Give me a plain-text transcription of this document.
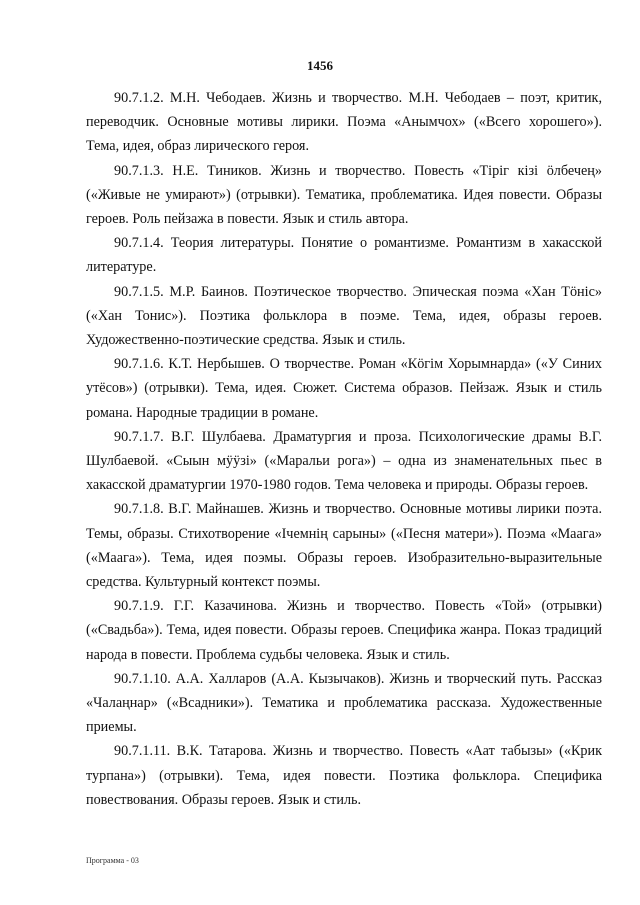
1456

90.7.1.2. М.Н. Чебодаев. Жизнь и творчество. М.Н. Чебодаев – поэт, критик, переводчик. Основные мотивы лирики. Поэма «Анымчох» («Всего хорошего»). Тема, идея, образ лирического героя.

90.7.1.3. Н.Е. Тиников. Жизнь и творчество. Повесть «Тіріг кізі ӧлбечең» («Живые не умирают») (отрывки). Тематика, проблематика. Идея повести. Образы героев. Роль пейзажа в повести. Язык и стиль автора.

90.7.1.4. Теория литературы. Понятие о романтизме. Романтизм в хакасской литературе.

90.7.1.5. М.Р. Баинов. Поэтическое творчество. Эпическая поэма «Хан Тӧніс» («Хан Тонис»). Поэтика фольклора в поэме. Тема, идея, образы героев. Художественно-поэтические средства. Язык и стиль.

90.7.1.6. К.Т. Нербышев. О творчестве. Роман «Кӧгім Хорымнарда» («У Синих утёсов») (отрывки). Тема, идея. Сюжет. Система образов. Пейзаж. Язык и стиль романа. Народные традиции в романе.

90.7.1.7. В.Г. Шулбаева. Драматургия и проза. Психологические драмы В.Г. Шулбаевой. «Сыын мӱӱзі» («Маральи рога») – одна из знаменательных пьес в хакасской драматургии 1970-1980 годов. Тема человека и природы. Образы героев.

90.7.1.8. В.Г. Майнашев. Жизнь и творчество. Основные мотивы лирики поэта. Темы, образы. Стихотворение «Ічемнің сарыны» («Песня матери»). Поэма «Маага» («Маага»). Тема, идея поэмы. Образы героев. Изобразительно-выразительные средства. Культурный контекст поэмы.

90.7.1.9. Г.Г. Казачинова. Жизнь и творчество. Повесть «Той» (отрывки) («Свадьба»). Тема, идея повести. Образы героев. Специфика жанра. Показ традиций народа в повести. Проблема судьбы человека. Язык и стиль.

90.7.1.10. А.А. Халларов (А.А. Кызычаков). Жизнь и творческий путь. Рассказ «Чалаңнар» («Всадники»). Тематика и проблематика рассказа. Художественные приемы.

90.7.1.11. В.К. Татарова. Жизнь и творчество. Повесть «Аат табызы» («Крик турпана») (отрывки). Тема, идея повести. Поэтика фольклора. Специфика повествования. Образы героев. Язык и стиль.

Программа - 03
